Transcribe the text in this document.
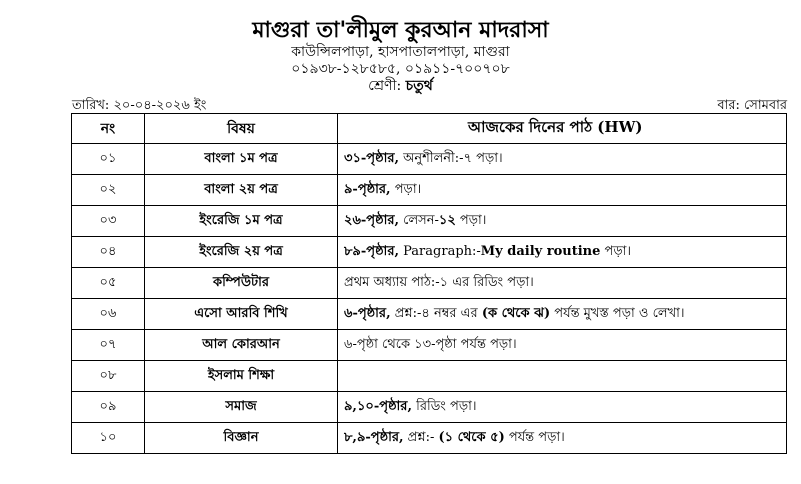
মাগুরা তা'লীমুল কুরআন মাদরাসা
কাউন্সিলপাড়া, হাসপাতালপাড়া, মাগুরা
০১৯৩৮-১২৮৫৮৫, ০১৯১১-৭০০৭০৮
শ্রেণী: চতুর্থ
তারিখ: ২০-০৪-২০২৬ ইং	বার: সোমবার
নং	বিষয়	আজকের দিনের পাঠ (HW)
০১	বাংলা ১ম পত্র	৩১-পৃষ্ঠার, অনুশীলনী:-৭ পড়া।
০২	বাংলা ২য় পত্র	৯-পৃষ্ঠার, পড়া।
০৩	ইংরেজি ১ম পত্র	২৬-পৃষ্ঠার, লেসন-১২ পড়া।
০৪	ইংরেজি ২য় পত্র	৮৯-পৃষ্ঠার, Paragraph:-My daily routine পড়া।
০৫	কম্পিউটার	প্রথম অধ্যায় পাঠ:-১ এর রিডিং পড়া।
০৬	এসো আরবি শিখি	৬-পৃষ্ঠার, প্রশ্ন:-৪ নম্বর এর (ক থেকে ঝ) পর্যন্ত মুখস্ত পড়া ও লেখা।
০৭	আল কোরআন	৬-পৃষ্ঠা থেকে ১৩-পৃষ্ঠা পর্যন্ত পড়া।
০৮	ইসলাম শিক্ষা	
০৯	সমাজ	৯,১০-পৃষ্ঠার, রিডিং পড়া।
১০	বিজ্ঞান	৮,৯-পৃষ্ঠার, প্রশ্ন:- (১ থেকে ৫) পর্যন্ত পড়া।
